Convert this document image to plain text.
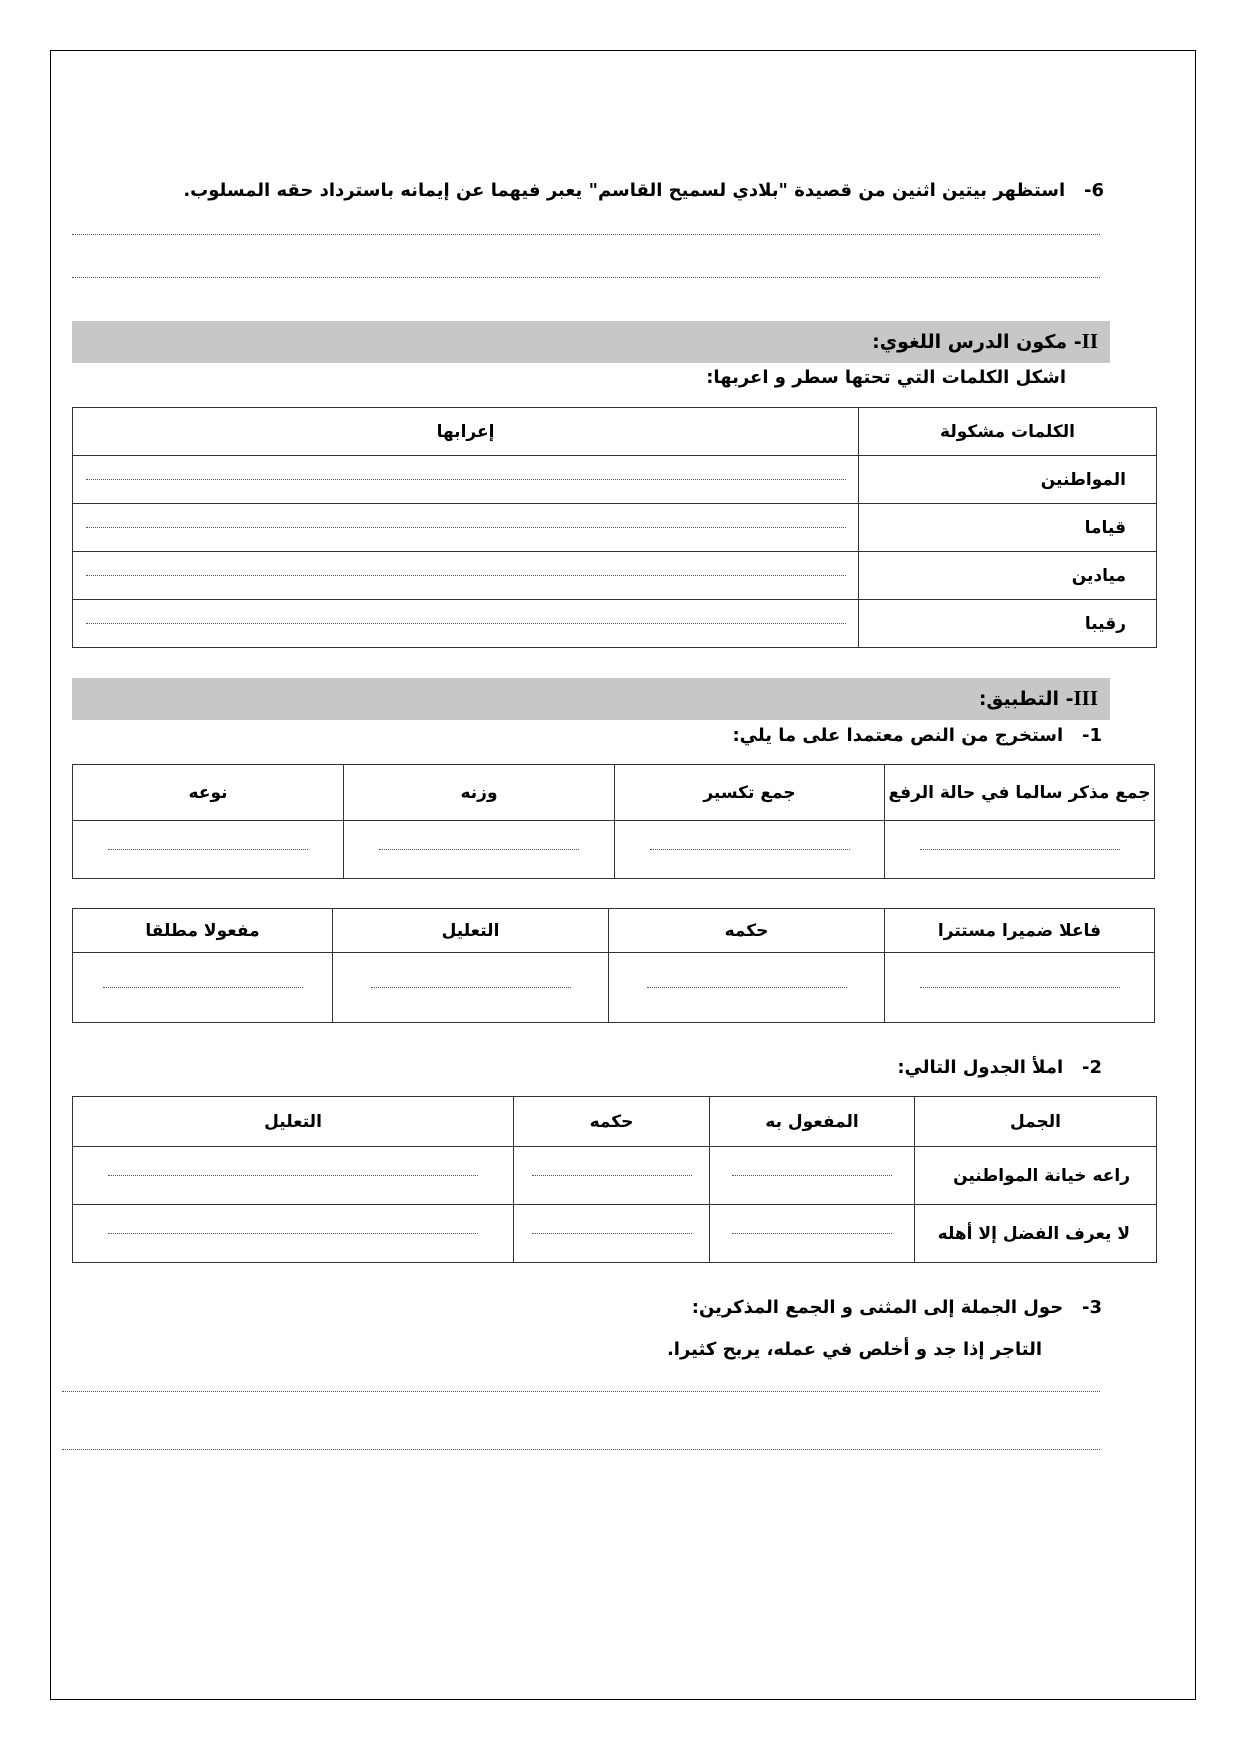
6-   استظهر بيتين اثنين من قصيدة "بلادي لسميح القاسم" يعبر فيهما عن إيمانه باسترداد حقه المسلوب.
II- مكون الدرس اللغوي:
اشكل الكلمات التي تحتها سطر و اعربها:
الكلمات مشكولة	إعرابها
المواطنين	
قياما	
ميادين	
رقيبا	
III- التطبيق:
1-   استخرج من النص معتمدا على ما يلي:
جمع مذكر سالما في حالة الرفع	جمع تكسير	وزنه	نوعه

فاعلا ضميرا مستترا	حكمه	التعليل	مفعولا مطلقا

2-   املأ الجدول التالي:
الجمل	المفعول به	حكمه	التعليل
راعه خيانة المواطنين			
لا يعرف الفضل إلا أهله			
3-   حول الجملة إلى المثنى و الجمع المذكرين:
التاجر إذا جد و أخلص في عمله، يربح كثيرا.
